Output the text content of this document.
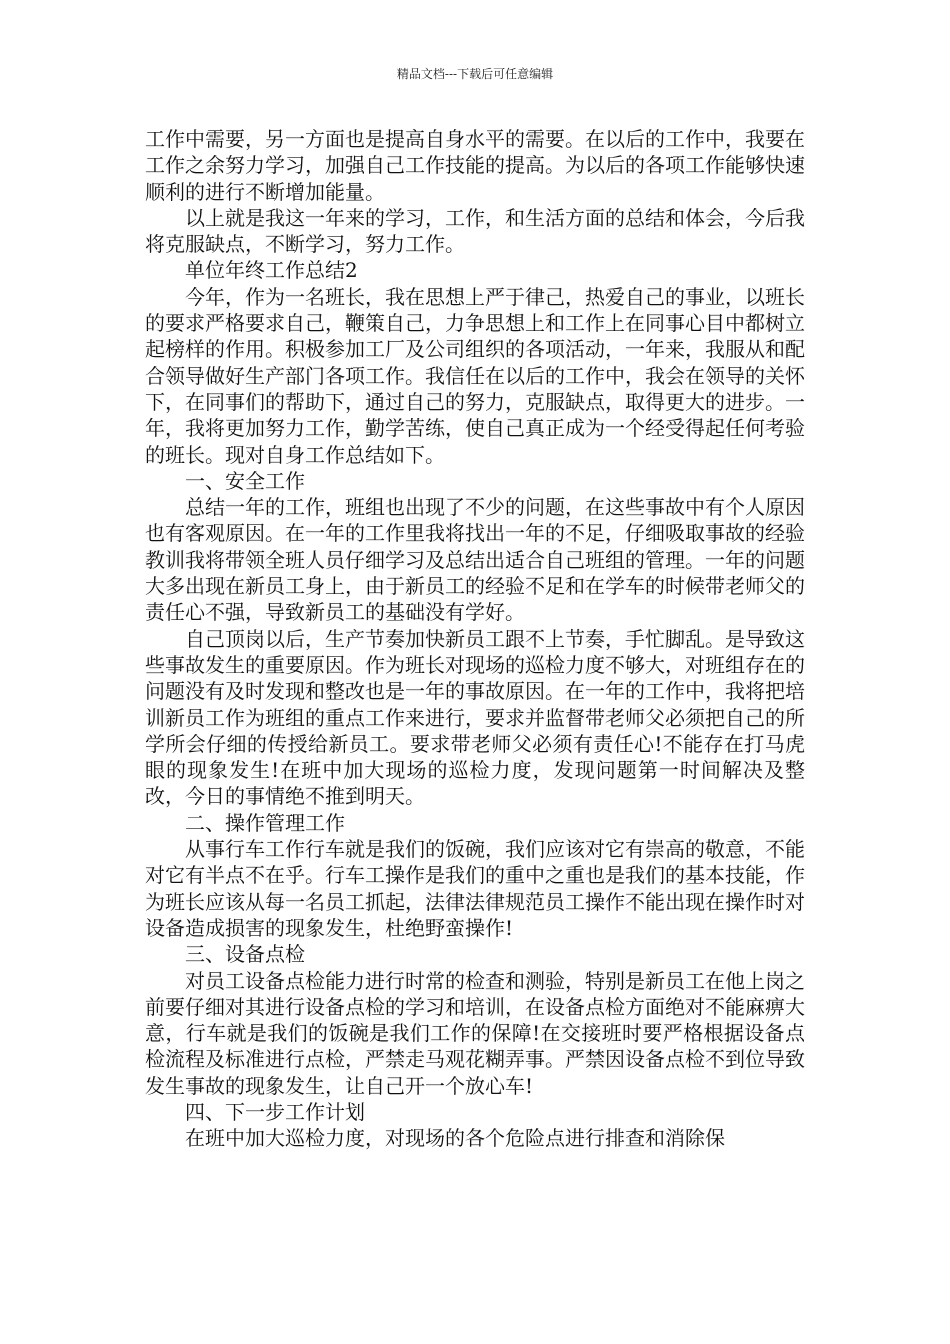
精品文档---下载后可任意编辑

工作中需要，另一方面也是提高自身水平的需要。在以后的工作中，我要在工作之余努力学习，加强自己工作技能的提高。为以后的各项工作能够快速顺利的进行不断增加能量。

以上就是我这一年来的学习，工作，和生活方面的总结和体会，今后我将克服缺点，不断学习，努力工作。

单位年终工作总结2

今年，作为一名班长，我在思想上严于律己，热爱自己的事业，以班长的要求严格要求自己，鞭策自己，力争思想上和工作上在同事心目中都树立起榜样的作用。积极参加工厂及公司组织的各项活动，一年来，我服从和配合领导做好生产部门各项工作。我信任在以后的工作中，我会在领导的关怀下，在同事们的帮助下，通过自己的努力，克服缺点，取得更大的进步。一年，我将更加努力工作，勤学苦练，使自己真正成为一个经受得起任何考验的班长。现对自身工作总结如下。

一、安全工作

总结一年的工作，班组也出现了不少的问题，在这些事故中有个人原因也有客观原因。在一年的工作里我将找出一年的不足，仔细吸取事故的经验教训我将带领全班人员仔细学习及总结出适合自己班组的管理。一年的问题大多出现在新员工身上，由于新员工的经验不足和在学车的时候带老师父的责任心不强，导致新员工的基础没有学好。

自己顶岗以后，生产节奏加快新员工跟不上节奏，手忙脚乱。是导致这些事故发生的重要原因。作为班长对现场的巡检力度不够大，对班组存在的问题没有及时发现和整改也是一年的事故原因。在一年的工作中，我将把培训新员工作为班组的重点工作来进行，要求并监督带老师父必须把自己的所学所会仔细的传授给新员工。要求带老师父必须有责任心!不能存在打马虎眼的现象发生!在班中加大现场的巡检力度，发现问题第一时间解决及整改，今日的事情绝不推到明天。

二、操作管理工作

从事行车工作行车就是我们的饭碗，我们应该对它有崇高的敬意，不能对它有半点不在乎。行车工操作是我们的重中之重也是我们的基本技能，作为班长应该从每一名员工抓起，法律法律规范员工操作不能出现在操作时对设备造成损害的现象发生，杜绝野蛮操作!

三、设备点检

对员工设备点检能力进行时常的检查和测验，特别是新员工在他上岗之前要仔细对其进行设备点检的学习和培训，在设备点检方面绝对不能麻痹大意，行车就是我们的饭碗是我们工作的保障!在交接班时要严格根据设备点检流程及标准进行点检，严禁走马观花糊弄事。严禁因设备点检不到位导致发生事故的现象发生，让自己开一个放心车!

四、下一步工作计划

在班中加大巡检力度，对现场的各个危险点进行排查和消除保
